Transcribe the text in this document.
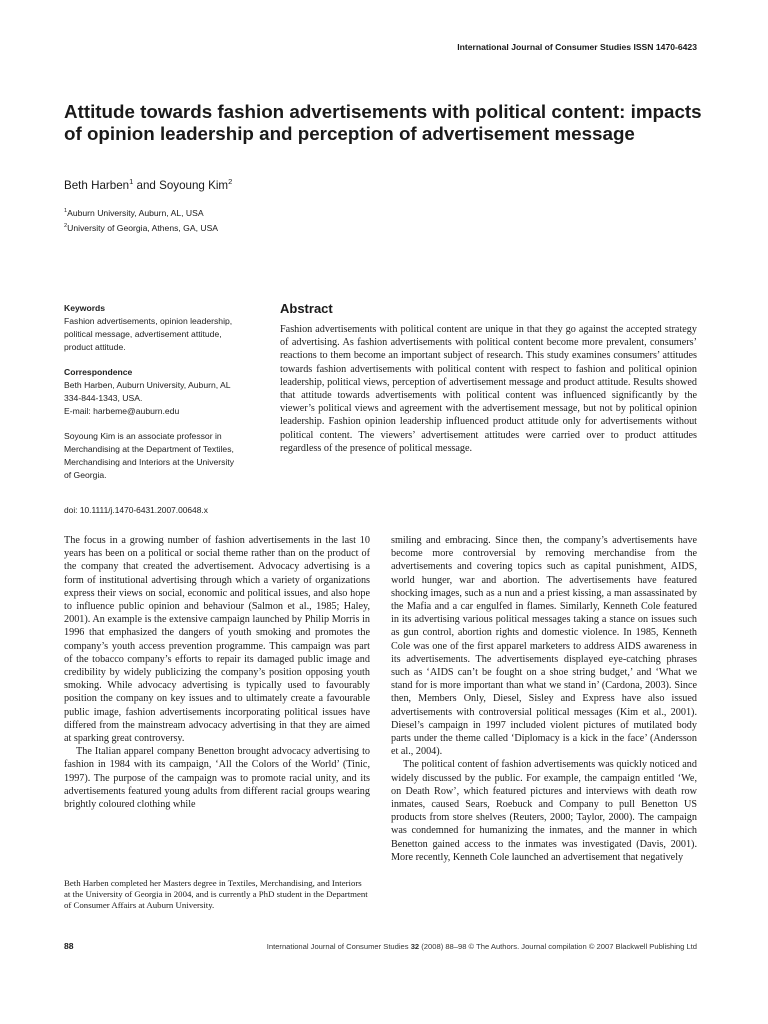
International Journal of Consumer Studies ISSN 1470-6423
Attitude towards fashion advertisements with political content: impacts of opinion leadership and perception of advertisement message
Beth Harben$^1$ and Soyoung Kim$^2$
$^1$Auburn University, Auburn, AL, USA
$^2$University of Georgia, Athens, GA, USA

Keywords

Fashion advertisements, opinion leadership,

political message, advertisement attitude,

product attitude.

Correspondence

Beth Harben, Auburn University, Auburn, AL

334-844-1343, USA.

E-mail: harbeme@auburn.edu

Soyoung Kim is an associate professor in

Merchandising at the Department of Textiles,

Merchandising and Interiors at the University

of Georgia.

doi: 10.1111/j.1470-6431.2007.00648.x
Abstract

Fashion advertisements with political content are unique in that they go against the accepted strategy of advertising. As fashion advertisements with political content become more prevalent, consumers’ reactions to them become an important subject of research. This study examines consumers’ attitudes towards fashion advertisements with political content with respect to fashion and political opinion leadership, political views, perception of advertisement message and product attitude. Results showed that attitude towards advertisements with political content was influenced significantly by the viewer’s political views and agreement with the advertisement message, but not by political opinion leadership. Fashion opinion leadership influenced product attitude only for advertisements without political content. The viewers’ advertisement attitudes were carried over to product attitudes regardless of the presence of political message.

The focus in a growing number of fashion advertisements in the last 10 years has been on a political or social theme rather than on the product of the company that created the advertisement. Advocacy advertising is a form of institutional advertising through which a variety of organizations express their views on social, economic and political issues, and also hope to influence public opinion and behaviour (Salmon et al., 1985; Haley, 2001). An example is the extensive campaign launched by Philip Morris in 1996 that emphasized the dangers of youth smoking and promotes the company’s youth access prevention programme. This campaign was part of the tobacco company’s efforts to repair its damaged public image and credibility by widely publicizing the company’s position opposing youth smoking. While advocacy advertising is typically used to favourably position the company on key issues and to ultimately create a favourable public image, fashion advertisements incorporating political issues have differed from the mainstream advocacy advertising in that they are aimed at sparking great controversy.

The Italian apparel company Benetton brought advocacy advertising to fashion in 1984 with its campaign, ‘All the Colors of the World’ (Tinic, 1997). The purpose of the campaign was to promote racial unity, and its advertisements featured young adults from different racial groups wearing brightly coloured clothing while

smiling and embracing. Since then, the company’s advertisements have become more controversial by removing merchandise from the advertisements and covering topics such as capital punishment, AIDS, world hunger, war and abortion. The advertisements have featured shocking images, such as a nun and a priest kissing, a man assassinated by the Mafia and a car engulfed in flames. Similarly, Kenneth Cole featured in its advertising various political messages taking a stance on issues such as gun control, abortion rights and domestic violence. In 1985, Kenneth Cole was one of the first apparel marketers to address AIDS awareness in its advertisements. The advertisements displayed eye-catching phrases such as ‘AIDS can’t be fought on a shoe string budget,’ and ‘What we stand for is more important than what we stand in’ (Cardona, 2003). Since then, Members Only, Diesel, Sisley and Express have also issued advertisements with controversial political messages (Kim et al., 2001). Diesel’s campaign in 1997 included violent pictures of mutilated body parts under the theme called ‘Diplomacy is a kick in the face’ (Andersson et al., 2004).

The political content of fashion advertisements was quickly noticed and widely discussed by the public. For example, the campaign entitled ‘We, on Death Row’, which featured pictures and interviews with death row inmates, caused Sears, Roebuck and Company to pull Benetton US products from store shelves (Reuters, 2000; Taylor, 2000). The campaign was condemned for humanizing the inmates, and the manner in which Benetton gained access to the inmates was investigated (Davis, 2001). More recently, Kenneth Cole launched an advertisement that negatively

Beth Harben completed her Masters degree in Textiles, Merchandising, and Interiors at the University of Georgia in 2004, and is currently a PhD student in the Department of Consumer Affairs at Auburn University.

88	International Journal of Consumer Studies 32 (2008) 88–98 © The Authors. Journal compilation © 2007 Blackwell Publishing Ltd
